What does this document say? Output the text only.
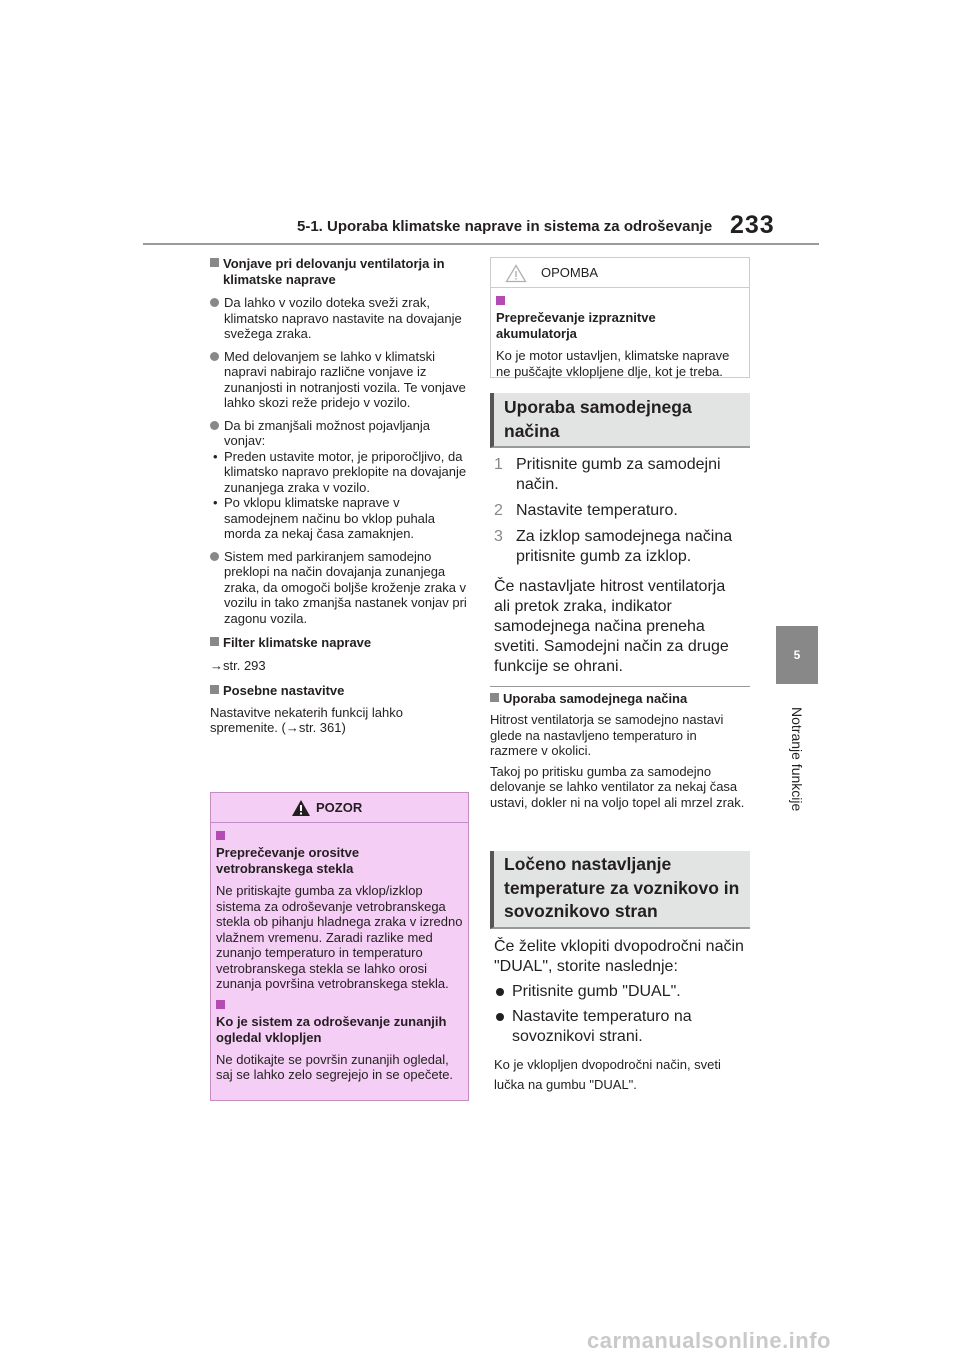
5-1. Uporaba klimatske naprave in sistema za odroševanje 233
5
Notranje funkcije
Vonjave pri delovanju ventilatorja in klimatske naprave
Da lahko v vozilo doteka sveži zrak, klimatsko napravo nastavite na dovajanje svežega zraka.
Med delovanjem se lahko v klimatski napravi nabirajo različne vonjave iz zunanjosti in notranjosti vozila. Te vonjave lahko skozi reže pridejo v vozilo.
Da bi zmanjšali možnost pojavljanja vonjav:
• Preden ustavite motor, je priporočljivo, da klimatsko napravo preklopite na dovajanje zunanjega zraka v vozilo.
• Po vklopu klimatske naprave v samodejnem načinu bo vklop puhala morda za nekaj časa zamaknjen.
Sistem med parkiranjem samodejno preklopi na način dovajanja zunanjega zraka, da omogoči boljše kroženje zraka v vozilu in tako zmanjša nastanek vonjav pri zagonu vozila.
Filter klimatske naprave
→str. 293
Posebne nastavitve
Nastavitve nekaterih funkcij lahko spremenite. (→str. 361)
POZOR
Preprečevanje orositve vetrobranskega stekla
Ne pritiskajte gumba za vklop/izklop sistema za odroševanje vetrobranskega stekla ob pihanju hladnega zraka v izredno vlažnem vremenu. Zaradi razlike med zunanjo temperaturo in temperaturo vetrobranskega stekla se lahko orosi zunanja površina vetrobranskega stekla.
Ko je sistem za odroševanje zunanjih ogledal vklopljen
Ne dotikajte se površin zunanjih ogledal, saj se lahko zelo segrejejo in se opečete.
OPOMBA
Preprečevanje izpraznitve akumulatorja
Ko je motor ustavljen, klimatske naprave ne puščajte vklopljene dlje, kot je treba.
Uporaba samodejnega načina
1 Pritisnite gumb za samodejni način.
2 Nastavite temperaturo.
3 Za izklop samodejnega načina pritisnite gumb za izklop.
Če nastavljate hitrost ventilatorja ali pretok zraka, indikator samodejnega načina preneha svetiti. Samodejni način za druge funkcije se ohrani.
Uporaba samodejnega načina
Hitrost ventilatorja se samodejno nastavi glede na nastavljeno temperaturo in razmere v okolici.
Takoj po pritisku gumba za samodejno delovanje se lahko ventilator za nekaj časa ustavi, dokler ni na voljo topel ali mrzel zrak.
Ločeno nastavljanje temperature za voznikovo in sovoznikovo stran
Če želite vklopiti dvopodročni način "DUAL", storite naslednje:
Pritisnite gumb "DUAL".
Nastavite temperaturo na sovoznikovi strani.
Ko je vklopljen dvopodročni način, sveti lučka na gumbu "DUAL".
carmanualsonline.info
